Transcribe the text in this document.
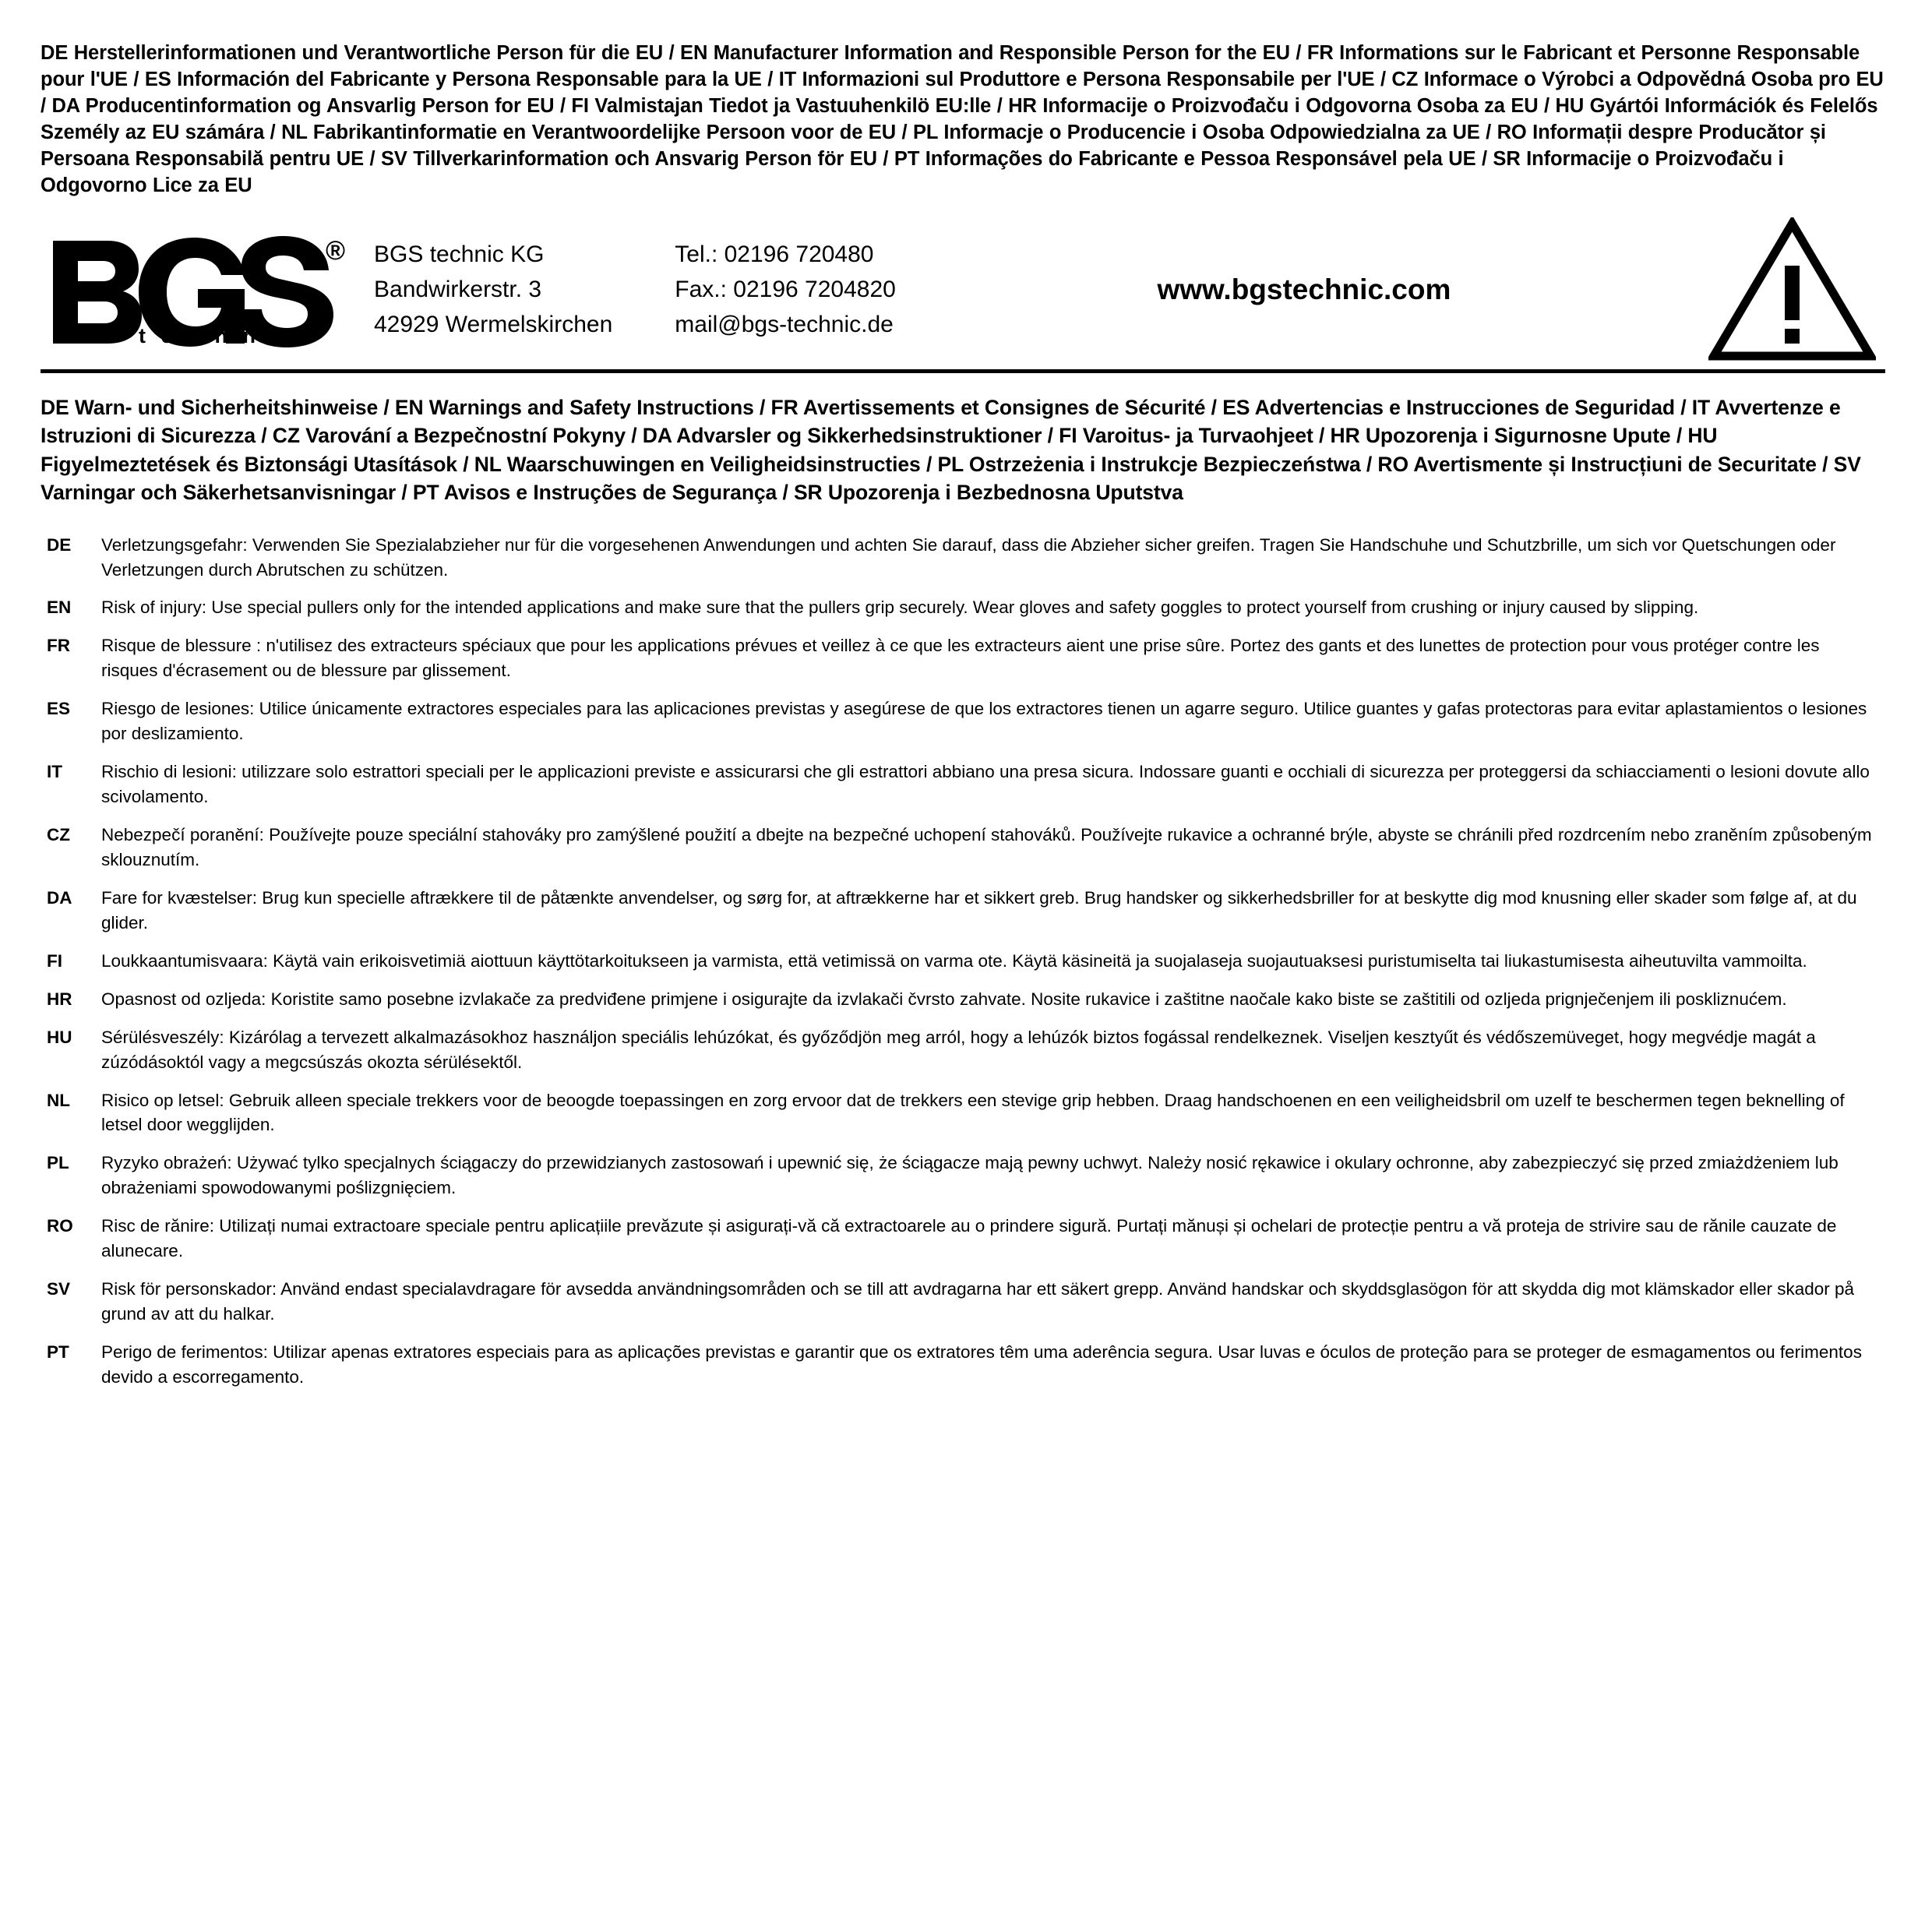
DE Herstellerinformationen und Verantwortliche Person für die EU / EN Manufacturer Information and Responsible Person for the EU / FR Informations sur le Fabricant et Personne Responsable pour l'UE / ES Información del Fabricante y Persona Responsable para la UE / IT Informazioni sul Produttore e Persona Responsabile per l'UE / CZ Informace o Výrobci a Odpovědná Osoba pro EU / DA Producentinformation og Ansvarlig Person for EU / FI Valmistajan Tiedot ja Vastuuhenkilö EU:lle / HR Informacije o Proizvođaču i Odgovorna Osoba za EU / HU Gyártói Információk és Felelős Személy az EU számára / NL Fabrikantinformatie en Verantwoordelijke Persoon voor de EU / PL Informacje o Producencie i Osoba Odpowiedzialna za UE / RO Informații despre Producător și Persoana Responsabilă pentru UE / SV Tillverkarinformation och Ansvarig Person för EU / PT Informações do Fabricante e Pessoa Responsável pela UE / SR Informacije o Proizvođaču i Odgovorno Lice za EU
®
t e c h n i c
BGS technic KG
Bandwirkerstr. 3
42929 Wermelskirchen
Tel.: 02196 720480
Fax.: 02196 7204820
mail@bgs-technic.de
www.bgstechnic.com
DE Warn- und Sicherheitshinweise / EN Warnings and Safety Instructions / FR Avertissements et Consignes de Sécurité / ES Advertencias e Instrucciones de Seguridad / IT Avvertenze e Istruzioni di Sicurezza / CZ Varování a Bezpečnostní Pokyny / DA Advarsler og Sikkerhedsinstruktioner / FI Varoitus- ja Turvaohjeet / HR Upozorenja i Sigurnosne Upute / HU Figyelmeztetések és Biztonsági Utasítások / NL Waarschuwingen en Veiligheidsinstructies / PL Ostrzeżenia i Instrukcje Bezpieczeństwa / RO Avertismente și Instrucțiuni de Securitate / SV Varningar och Säkerhetsanvisningar / PT Avisos e Instruções de Segurança / SR Upozorenja i Bezbednosna Uputstva
DE	Verletzungsgefahr: Verwenden Sie Spezialabzieher nur für die vorgesehenen Anwendungen und achten Sie darauf, dass die Abzieher sicher greifen. Tragen Sie Handschuhe und Schutzbrille, um sich vor Quetschungen oder Verletzungen durch Abrutschen zu schützen.
EN	Risk of injury: Use special pullers only for the intended applications and make sure that the pullers grip securely. Wear gloves and safety goggles to protect yourself from crushing or injury caused by slipping.
FR	Risque de blessure : n'utilisez des extracteurs spéciaux que pour les applications prévues et veillez à ce que les extracteurs aient une prise sûre. Portez des gants et des lunettes de protection pour vous protéger contre les risques d'écrasement ou de blessure par glissement.
ES	Riesgo de lesiones: Utilice únicamente extractores especiales para las aplicaciones previstas y asegúrese de que los extractores tienen un agarre seguro. Utilice guantes y gafas protectoras para evitar aplastamientos o lesiones por deslizamiento.
IT	Rischio di lesioni: utilizzare solo estrattori speciali per le applicazioni previste e assicurarsi che gli estrattori abbiano una presa sicura. Indossare guanti e occhiali di sicurezza per proteggersi da schiacciamenti o lesioni dovute allo scivolamento.
CZ	Nebezpečí poranění: Používejte pouze speciální stahováky pro zamýšlené použití a dbejte na bezpečné uchopení stahováků. Používejte rukavice a ochranné brýle, abyste se chránili před rozdrcením nebo zraněním způsobeným sklouznutím.
DA	Fare for kvæstelser: Brug kun specielle aftrækkere til de påtænkte anvendelser, og sørg for, at aftrækkerne har et sikkert greb. Brug handsker og sikkerhedsbriller for at beskytte dig mod knusning eller skader som følge af, at du glider.
FI	Loukkaantumisvaara: Käytä vain erikoisvetimiä aiottuun käyttötarkoitukseen ja varmista, että vetimissä on varma ote. Käytä käsineitä ja suojalaseja suojautuaksesi puristumiselta tai liukastumisesta aiheutuvilta vammoilta.
HR	Opasnost od ozljeda: Koristite samo posebne izvlakače za predviđene primjene i osigurajte da izvlakači čvrsto zahvate. Nosite rukavice i zaštitne naočale kako biste se zaštitili od ozljeda prignječenjem ili poskliznućem.
HU	Sérülésveszély: Kizárólag a tervezett alkalmazásokhoz használjon speciális lehúzókat, és győződjön meg arról, hogy a lehúzók biztos fogással rendelkeznek. Viseljen kesztyűt és védőszemüveget, hogy megvédje magát a zúzódásoktól vagy a megcsúszás okozta sérülésektől.
NL	Risico op letsel: Gebruik alleen speciale trekkers voor de beoogde toepassingen en zorg ervoor dat de trekkers een stevige grip hebben. Draag handschoenen en een veiligheidsbril om uzelf te beschermen tegen beknelling of letsel door wegglijden.
PL	Ryzyko obrażeń: Używać tylko specjalnych ściągaczy do przewidzianych zastosowań i upewnić się, że ściągacze mają pewny uchwyt. Należy nosić rękawice i okulary ochronne, aby zabezpieczyć się przed zmiażdżeniem lub obrażeniami spowodowanymi poślizgnięciem.
RO	Risc de rănire: Utilizați numai extractoare speciale pentru aplicațiile prevăzute și asigurați-vă că extractoarele au o prindere sigură. Purtați mănuși și ochelari de protecție pentru a vă proteja de strivire sau de rănile cauzate de alunecare.
SV	Risk för personskador: Använd endast specialavdragare för avsedda användningsområden och se till att avdragarna har ett säkert grepp. Använd handskar och skyddsglasögon för att skydda dig mot klämskador eller skador på grund av att du halkar.
PT	Perigo de ferimentos: Utilizar apenas extratores especiais para as aplicações previstas e garantir que os extratores têm uma aderência segura. Usar luvas e óculos de proteção para se proteger de esmagamentos ou ferimentos devido a escorregamento.
